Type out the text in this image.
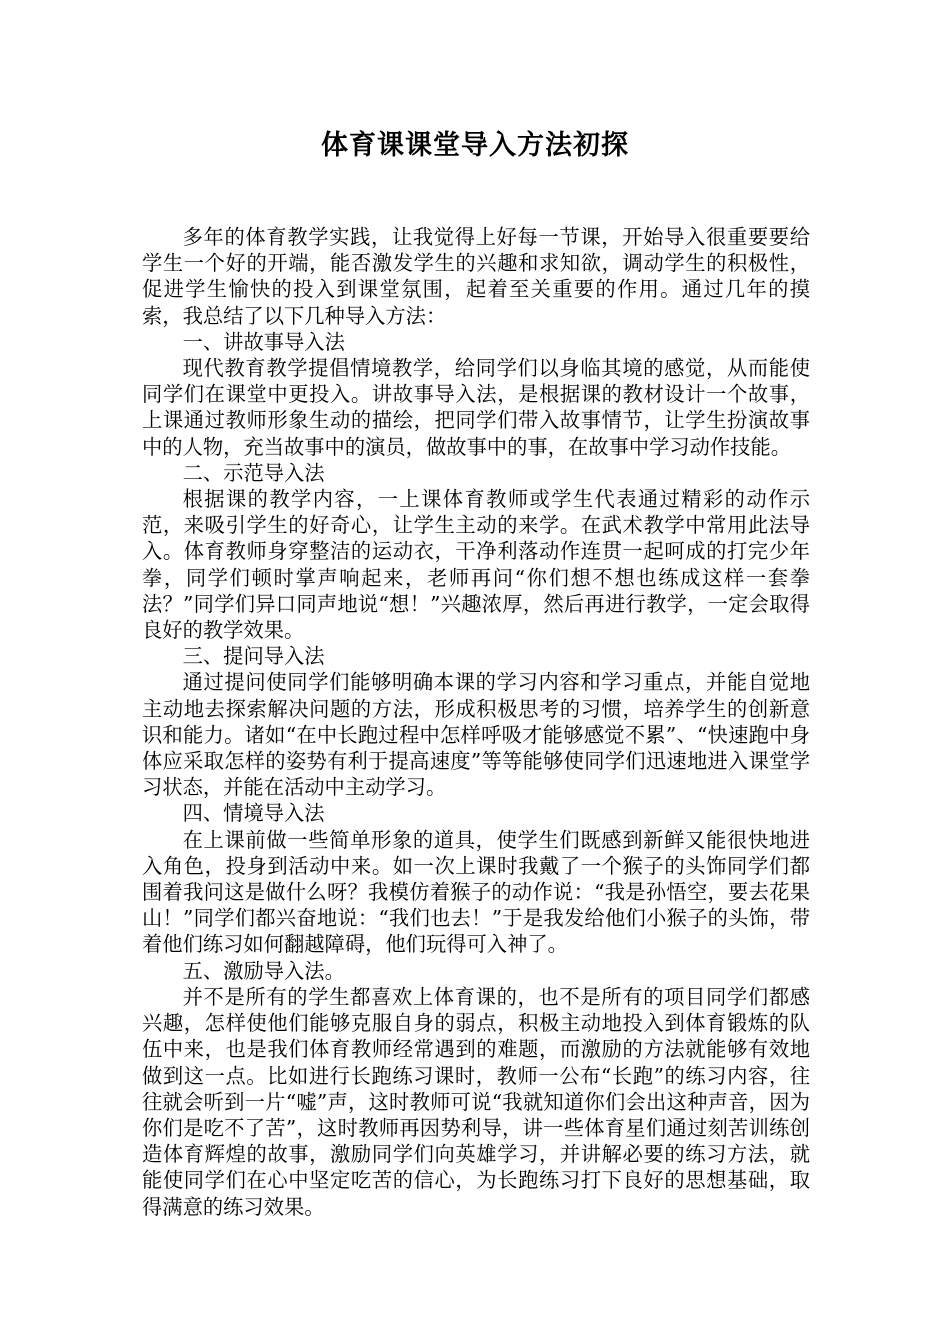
体育课课堂导入方法初探

多年的体育教学实践，让我觉得上好每一节课，开始导入很重要要给学生一个好的开端，能否激发学生的兴趣和求知欲，调动学生的积极性，促进学生愉快的投入到课堂氛围，起着至关重要的作用。通过几年的摸索，我总结了以下几种导入方法：

一、讲故事导入法

现代教育教学提倡情境教学，给同学们以身临其境的感觉，从而能使同学们在课堂中更投入。讲故事导入法，是根据课的教材设计一个故事，上课通过教师形象生动的描绘，把同学们带入故事情节，让学生扮演故事中的人物，充当故事中的演员，做故事中的事，在故事中学习动作技能。

二、示范导入法

根据课的教学内容，一上课体育教师或学生代表通过精彩的动作示范，来吸引学生的好奇心，让学生主动的来学。在武术教学中常用此法导入。体育教师身穿整洁的运动衣，干净利落动作连贯一起呵成的打完少年拳，同学们顿时掌声响起来，老师再问“你们想不想也练成这样一套拳法？”同学们异口同声地说“想！”兴趣浓厚，然后再进行教学，一定会取得良好的教学效果。

三、提问导入法

通过提问使同学们能够明确本课的学习内容和学习重点，并能自觉地主动地去探索解决问题的方法，形成积极思考的习惯，培养学生的创新意识和能力。诸如“在中长跑过程中怎样呼吸才能够感觉不累”、“快速跑中身体应采取怎样的姿势有利于提高速度”等等能够使同学们迅速地进入课堂学习状态，并能在活动中主动学习。

四、情境导入法

在上课前做一些简单形象的道具，使学生们既感到新鲜又能很快地进入角色，投身到活动中来。如一次上课时我戴了一个猴子的头饰同学们都围着我问这是做什么呀？我模仿着猴子的动作说：“我是孙悟空，要去花果山！”同学们都兴奋地说：“我们也去！”于是我发给他们小猴子的头饰，带着他们练习如何翻越障碍，他们玩得可入神了。

五、激励导入法。

并不是所有的学生都喜欢上体育课的，也不是所有的项目同学们都感兴趣，怎样使他们能够克服自身的弱点，积极主动地投入到体育锻炼的队伍中来，也是我们体育教师经常遇到的难题，而激励的方法就能够有效地做到这一点。比如进行长跑练习课时，教师一公布“长跑”的练习内容，往往就会听到一片“嘘”声，这时教师可说“我就知道你们会出这种声音，因为你们是吃不了苦”，这时教师再因势利导，讲一些体育星们通过刻苦训练创造体育辉煌的故事，激励同学们向英雄学习，并讲解必要的练习方法，就能使同学们在心中坚定吃苦的信心，为长跑练习打下良好的思想基础，取得满意的练习效果。
